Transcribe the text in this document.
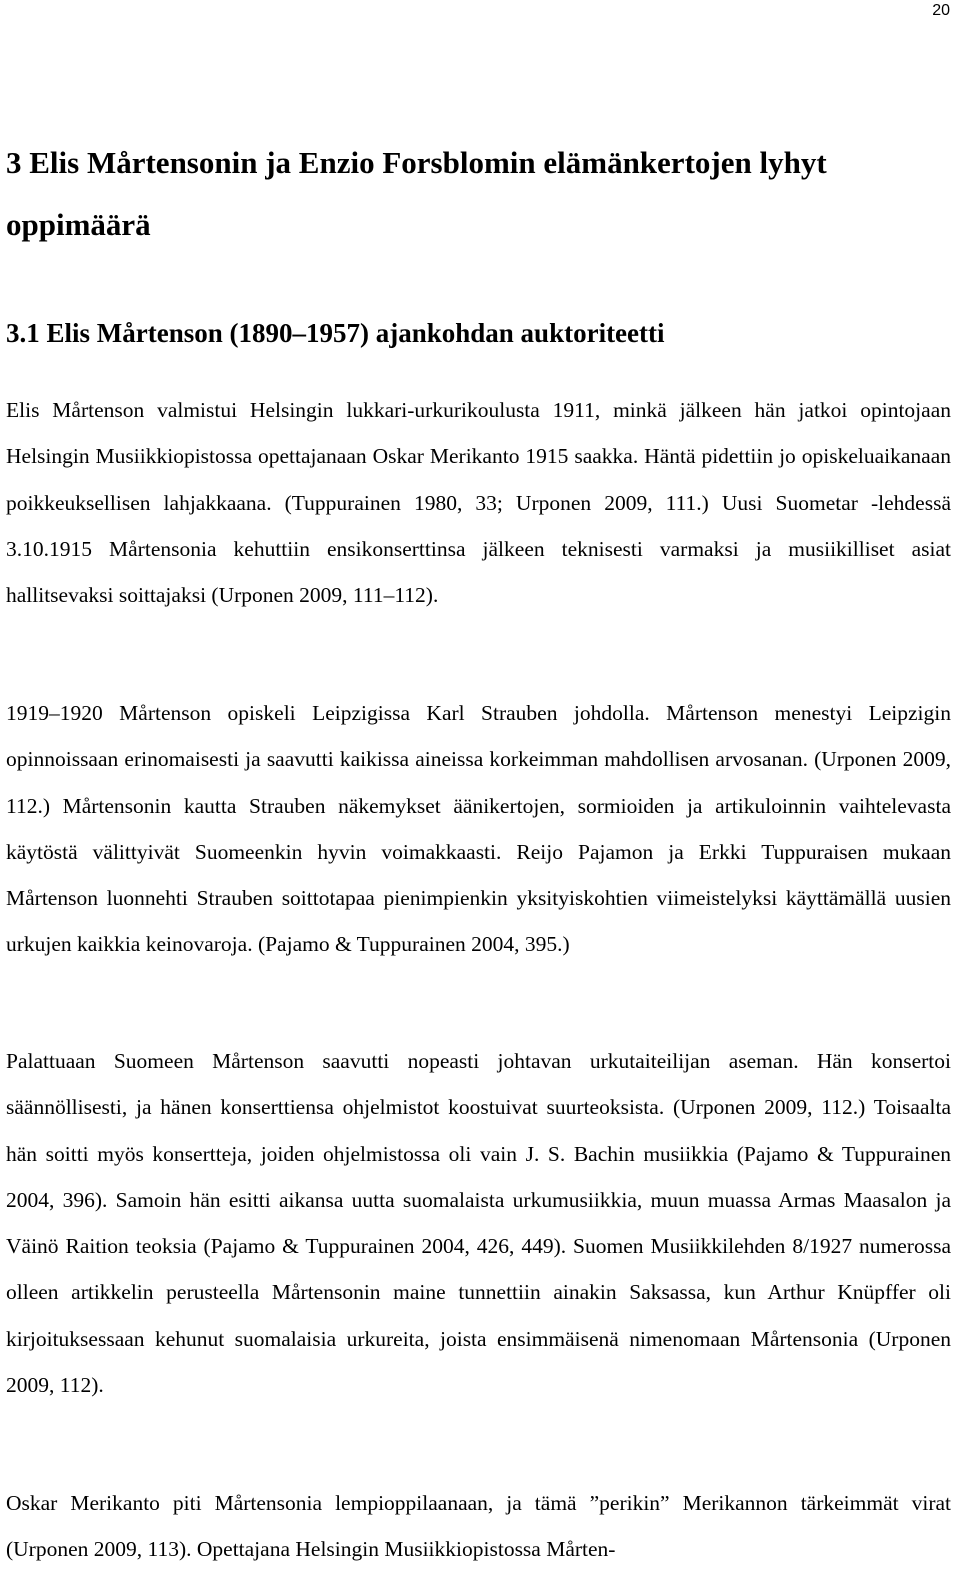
20
3 Elis Mårtensonin ja Enzio Forsblomin elämänkertojen lyhyt oppimäärä
3.1 Elis Mårtenson (1890–1957) ajankohdan auktoriteetti

Elis Mårtenson valmistui Helsingin lukkari-urkurikoulusta 1911, minkä jälkeen hän jatkoi opintojaan Helsingin Musiikkiopistossa opettajanaan Oskar Merikanto 1915 saakka. Häntä pidettiin jo opiskeluaikanaan poikkeuksellisen lahjakkaana. (Tuppurainen 1980, 33; Urponen 2009, 111.) Uusi Suometar -lehdessä 3.10.1915 Mårtensonia kehuttiin ensikonserttinsa jälkeen teknisesti varmaksi ja musiikilliset asiat hallitsevaksi soittajaksi (Urponen 2009, 111–112).

1919–1920 Mårtenson opiskeli Leipzigissa Karl Strauben johdolla. Mårtenson menestyi Leipzigin opinnoissaan erinomaisesti ja saavutti kaikissa aineissa korkeimman mahdollisen arvosanan. (Urponen 2009, 112.) Mårtensonin kautta Strauben näkemykset äänikertojen, sormioiden ja artikuloinnin vaihtelevasta käytöstä välittyivät Suomeenkin hyvin voimakkaasti. Reijo Pajamon ja Erkki Tuppuraisen mukaan Mårtenson luonnehti Strauben soittotapaa pienimpienkin yksityiskohtien viimeistelyksi käyttämällä uusien urkujen kaikkia keinovaroja. (Pajamo & Tuppurainen 2004, 395.)

Palattuaan Suomeen Mårtenson saavutti nopeasti johtavan urkutaiteilijan aseman. Hän konsertoi säännöllisesti, ja hänen konserttiensa ohjelmistot koostuivat suurteoksista. (Urponen 2009, 112.) Toisaalta hän soitti myös konsertteja, joiden ohjelmistossa oli vain J. S. Bachin musiikkia (Pajamo & Tuppurainen 2004, 396). Samoin hän esitti aikansa uutta suomalaista urkumusiikkia, muun muassa Armas Maasalon ja Väinö Raition teoksia (Pajamo & Tuppurainen 2004, 426, 449). Suomen Musiikkilehden 8/1927 numerossa olleen artikkelin perusteella Mårtensonin maine tunnettiin ainakin Saksassa, kun Arthur Knüpffer oli kirjoituksessaan kehunut suomalaisia urkureita, joista ensimmäisenä nimenomaan Mårtensonia (Urponen 2009, 112).

Oskar Merikanto piti Mårtensonia lempioppilaanaan, ja tämä ”perikin” Merikannon tärkeimmät virat (Urponen 2009, 113). Opettajana Helsingin Musiikkiopistossa Mårten-
